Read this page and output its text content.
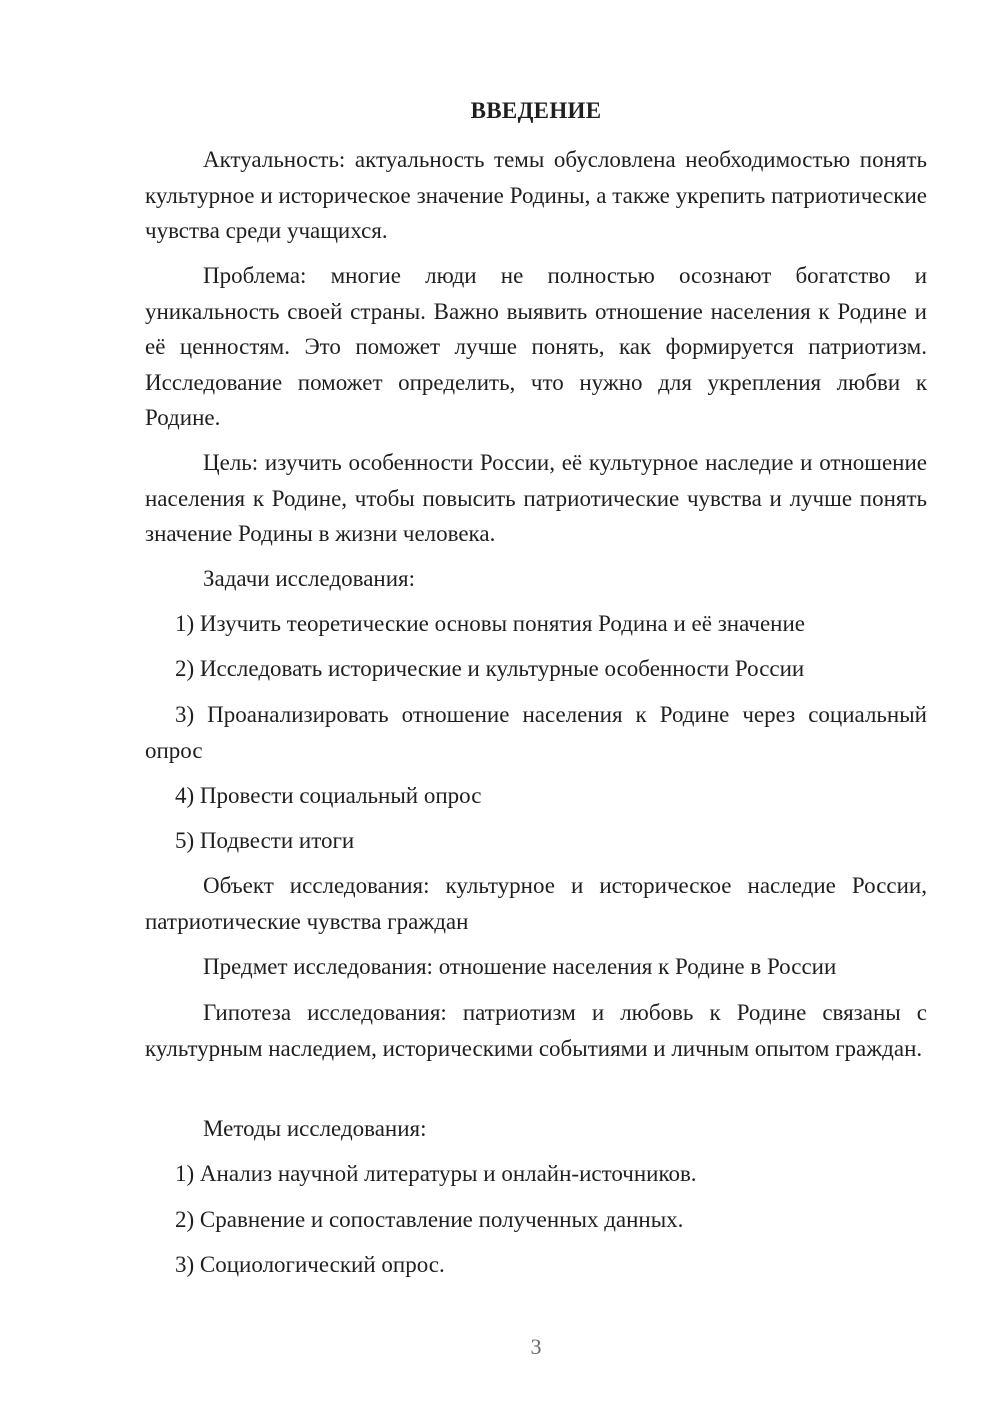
ВВЕДЕНИЕ

Актуальность: актуальность темы обусловлена необходимостью понять культурное и историческое значение Родины, а также укрепить патриотические чувства среди учащихся.

Проблема: многие люди не полностью осознают богатство и уникальность своей страны. Важно выявить отношение населения к Родине и её ценностям. Это поможет лучше понять, как формируется патриотизм. Исследование поможет определить, что нужно для укрепления любви к Родине.

Цель: изучить особенности России, её культурное наследие и отношение населения к Родине, чтобы повысить патриотические чувства и лучше понять значение Родины в жизни человека.

Задачи исследования:

1) Изучить теоретические основы понятия Родина и её значение

2) Исследовать исторические и культурные особенности России

3) Проанализировать отношение населения к Родине через социальный опрос

4) Провести социальный опрос

5) Подвести итоги

Объект исследования: культурное и историческое наследие России, патриотические чувства граждан

Предмет исследования: отношение населения к Родине в России

Гипотеза исследования: патриотизм и любовь к Родине связаны с культурным наследием, историческими событиями и личным опытом граждан.

Методы исследования:

1) Анализ научной литературы и онлайн-источников.

2) Сравнение и сопоставление полученных данных.

3) Социологический опрос.

3
